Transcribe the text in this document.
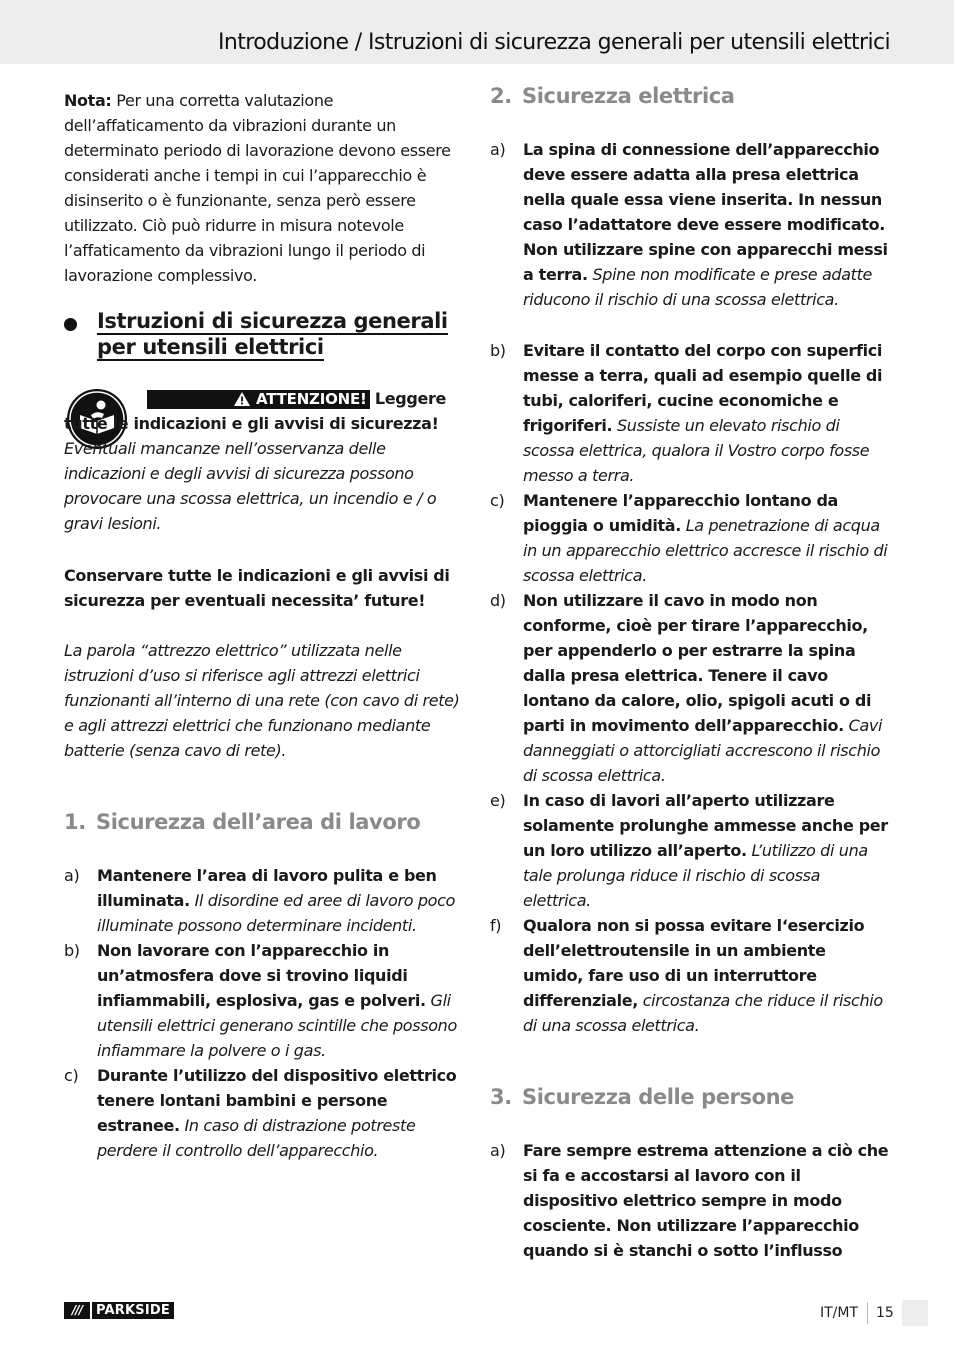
Introduzione / Istruzioni di sicurezza generali per utensili elettrici

Nota: Per una corretta valutazione dell’affaticamento da vibrazioni durante un determinato periodo di lavorazione devono essere considerati anche i tempi in cui l’apparecchio è disinserito o è funzionante, senza però essere utilizzato. Ciò può ridurre in misura notevole l’affaticamento da vibrazioni lungo il periodo di lavorazione complessivo.

Istruzioni di sicurezza generali per utensili elettrici

ATTENZIONE! Leggere tutte le indicazioni e gli avvisi di sicurezza! Eventuali mancanze nell’osservanza delle indicazioni e degli avvisi di sicurezza possono provocare una scossa elettrica, un incendio e / o gravi lesioni.

Conservare tutte le indicazioni e gli avvisi di sicurezza per eventuali necessita’ future!

La parola “attrezzo elettrico” utilizzata nelle istruzioni d’uso si riferisce agli attrezzi elettrici funzionanti all’interno di una rete (con cavo di rete) e agli attrezzi elettrici che funzionano mediante batterie (senza cavo di rete).

1. Sicurezza dell’area di lavoro
a)	Mantenere l’area di lavoro pulita e ben illuminata. Il disordine ed aree di lavoro poco illuminate possono determinare incidenti.
b)	Non lavorare con l’apparecchio in un’atmosfera dove si trovino liquidi infiammabili, esplosiva, gas e polveri. Gli utensili elettrici generano scintille che possono infiammare la polvere o i gas.
c)	Durante l’utilizzo del dispositivo elettrico tenere lontani bambini e persone estranee. In caso di distrazione potreste perdere il controllo dell’apparecchio.
2. Sicurezza elettrica
a)	La spina di connessione dell’apparecchio deve essere adatta alla presa elettrica nella quale essa viene inserita. In nessun caso l’adattatore deve essere modificato. Non utilizzare spine con apparecchi messi a terra. Spine non modificate e prese adatte riducono il rischio di una scossa elettrica.
b)	Evitare il contatto del corpo con superfici messe a terra, quali ad esempio quelle di tubi, caloriferi, cucine economiche e frigoriferi. Sussiste un elevato rischio di scossa elettrica, qualora il Vostro corpo fosse messo a terra.
c)	Mantenere l’apparecchio lontano da pioggia o umidità. La penetrazione di acqua in un apparecchio elettrico accresce il rischio di scossa elettrica.
d)	Non utilizzare il cavo in modo non conforme, cioè per tirare l’apparecchio, per appenderlo o per estrarre la spina dalla presa elettrica. Tenere il cavo lontano da calore, olio, spigoli acuti o di parti in movimento dell’apparecchio. Cavi danneggiati o attorcigliati accrescono il rischio di scossa elettrica.
e)	In caso di lavori all’aperto utilizzare solamente prolunghe ammesse anche per un loro utilizzo all’aperto. L’utilizzo di una tale prolunga riduce il rischio di scossa elettrica.
f)	Qualora non si possa evitare l‘esercizio dell’elettroutensile in un ambiente umido, fare uso di un interruttore differenziale, circostanza che riduce il rischio di una scossa elettrica.
3. Sicurezza delle persone
a)	Fare sempre estrema attenzione a ciò che si fa e accostarsi al lavoro con il dispositivo elettrico sempre in modo cosciente. Non utilizzare l’apparecchio quando si è stanchi o sotto l’influsso
///	PARKSIDE	IT/MT 15
